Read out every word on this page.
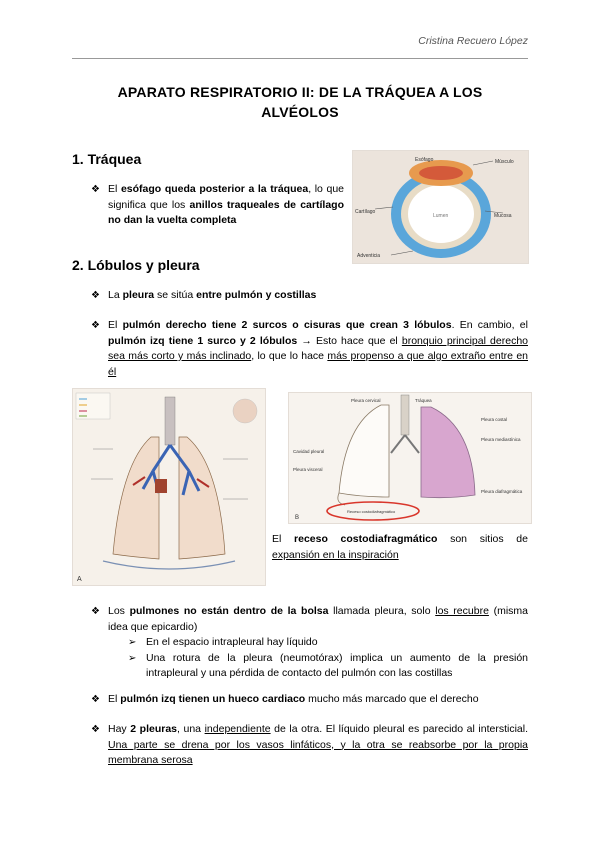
Cristina Recuero López
APARATO RESPIRATORIO II: DE LA TRÁQUEA A LOS
ALVÉOLOS
1. Tráquea
❖ El esófago queda posterior a la tráquea, lo que significa que los anillos traqueales de cartílago no dan la vuelta completa
Esófago	Músculo
Cartílago
Mucosa
Adventicia
Lumen
2. Lóbulos y pleura
❖ La pleura se sitúa entre pulmón y costillas
❖ El pulmón derecho tiene 2 surcos o cisuras que crean 3 lóbulos. En cambio, el pulmón izq tiene 1 surco y 2 lóbulos → Esto hace que el bronquio principal derecho sea más corto y más inclinado, lo que lo hace más propenso a que algo extraño entre en él
A
Pleura cervical	Tráquea
Pleura costal
Pleura mediastínica
Cavidad pleural
Pleura visceral
Pleura diafragmática
Receso costodiafragmático
B
El receso costodiafragmático son sitios de expansión en la inspiración
❖ Los pulmones no están dentro de la bolsa llamada pleura, solo los recubre (misma idea que epicardio)
➢ En el espacio intrapleural hay líquido
➢ Una rotura de la pleura (neumotórax) implica un aumento de la presión intrapleural y una pérdida de contacto del pulmón con las costillas
❖ El pulmón izq tienen un hueco cardiaco mucho más marcado que el derecho
❖ Hay 2 pleuras, una independiente de la otra. El líquido pleural es parecido al intersticial. Una parte se drena por los vasos linfáticos, y la otra se reabsorbe por la propia membrana serosa
